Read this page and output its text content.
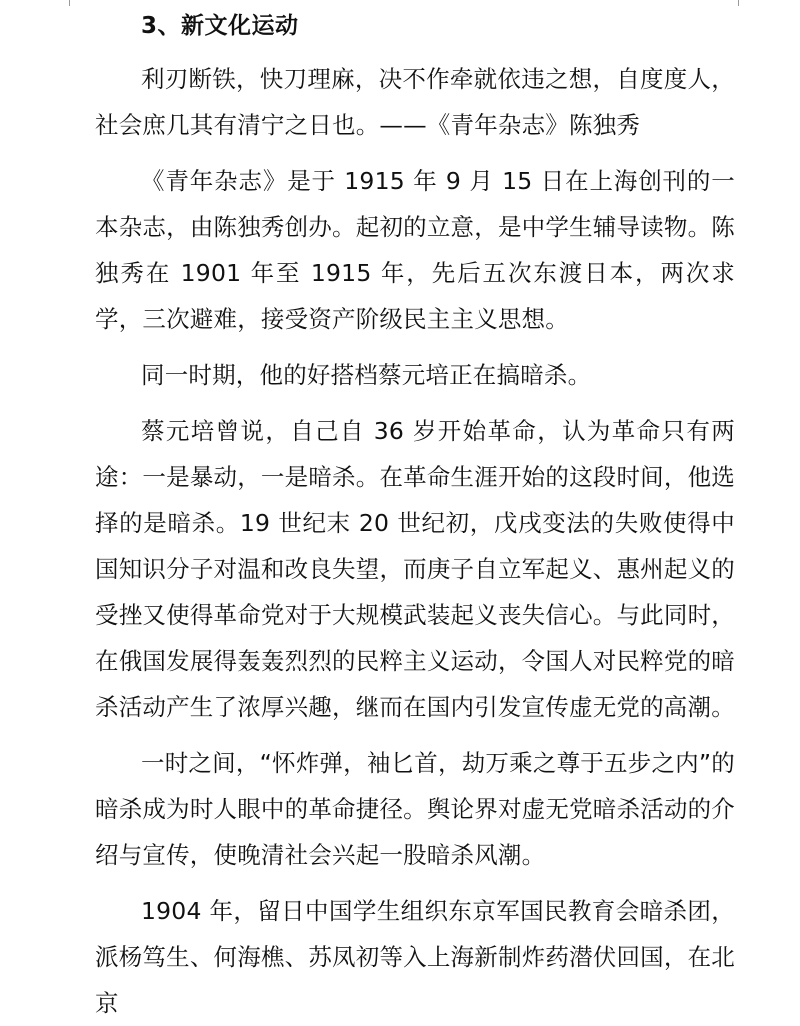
3、新文化运动

利刃断铁，快刀理麻，决不作牵就依违之想，自度度人，社会庶几其有清宁之日也。——《青年杂志》陈独秀

《青年杂志》是于 1915 年 9 月 15 日在上海创刊的一本杂志，由陈独秀创办。起初的立意，是中学生辅导读物。陈独秀在 1901 年至 1915 年，先后五次东渡日本，两次求学，三次避难，接受资产阶级民主主义思想。

同一时期，他的好搭档蔡元培正在搞暗杀。

蔡元培曾说，自己自 36 岁开始革命，认为革命只有两途：一是暴动，一是暗杀。在革命生涯开始的这段时间，他选择的是暗杀。19 世纪末 20 世纪初，戊戌变法的失败使得中国知识分子对温和改良失望，而庚子自立军起义、惠州起义的受挫又使得革命党对于大规模武装起义丧失信心。与此同时，在俄国发展得轰轰烈烈的民粹主义运动，令国人对民粹党的暗杀活动产生了浓厚兴趣，继而在国内引发宣传虚无党的高潮。

一时之间，“怀炸弹，袖匕首，劫万乘之尊于五步之内”的暗杀成为时人眼中的革命捷径。舆论界对虚无党暗杀活动的介绍与宣传，使晚清社会兴起一股暗杀风潮。

1904 年，留日中国学生组织东京军国民教育会暗杀团，派杨笃生、何海樵、苏凤初等入上海新制炸药潜伏回国，在北京
